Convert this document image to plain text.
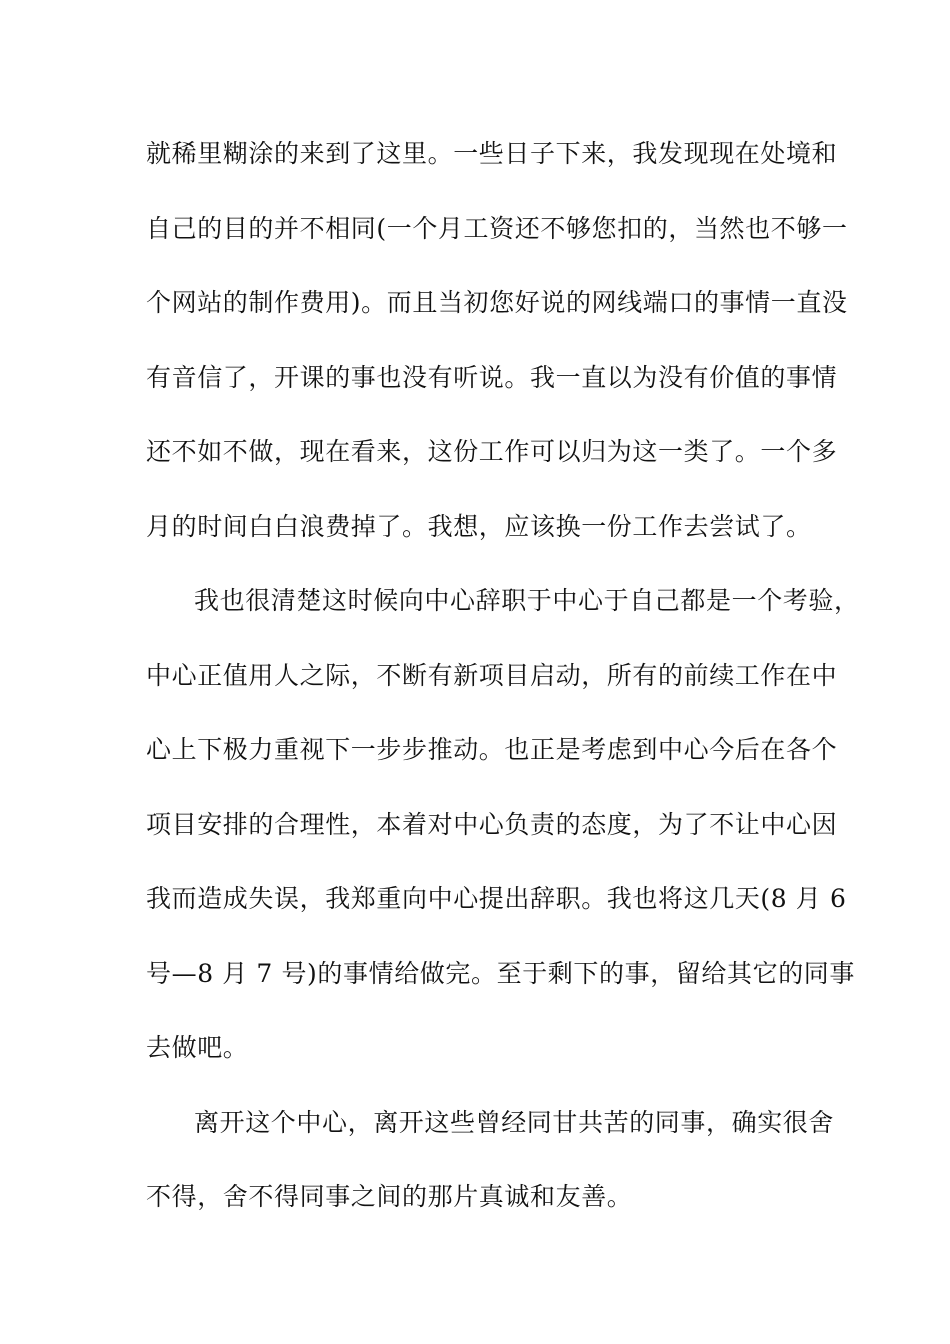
就稀里糊涂的来到了这里。一些日子下来，我发现现在处境和
自己的目的并不相同(一个月工资还不够您扣的，当然也不够一
个网站的制作费用)。而且当初您好说的网线端口的事情一直没
有音信了，开课的事也没有听说。我一直以为没有价值的事情
还不如不做，现在看来，这份工作可以归为这一类了。一个多
月的时间白白浪费掉了。我想，应该换一份工作去尝试了。
我也很清楚这时候向中心辞职于中心于自己都是一个考验，
中心正值用人之际，不断有新项目启动，所有的前续工作在中
心上下极力重视下一步步推动。也正是考虑到中心今后在各个
项目安排的合理性，本着对中心负责的态度，为了不让中心因
我而造成失误，我郑重向中心提出辞职。我也将这几天(8 月 6
号—8 月 7 号)的事情给做完。至于剩下的事，留给其它的同事
去做吧。
离开这个中心，离开这些曾经同甘共苦的同事，确实很舍
不得，舍不得同事之间的那片真诚和友善。
